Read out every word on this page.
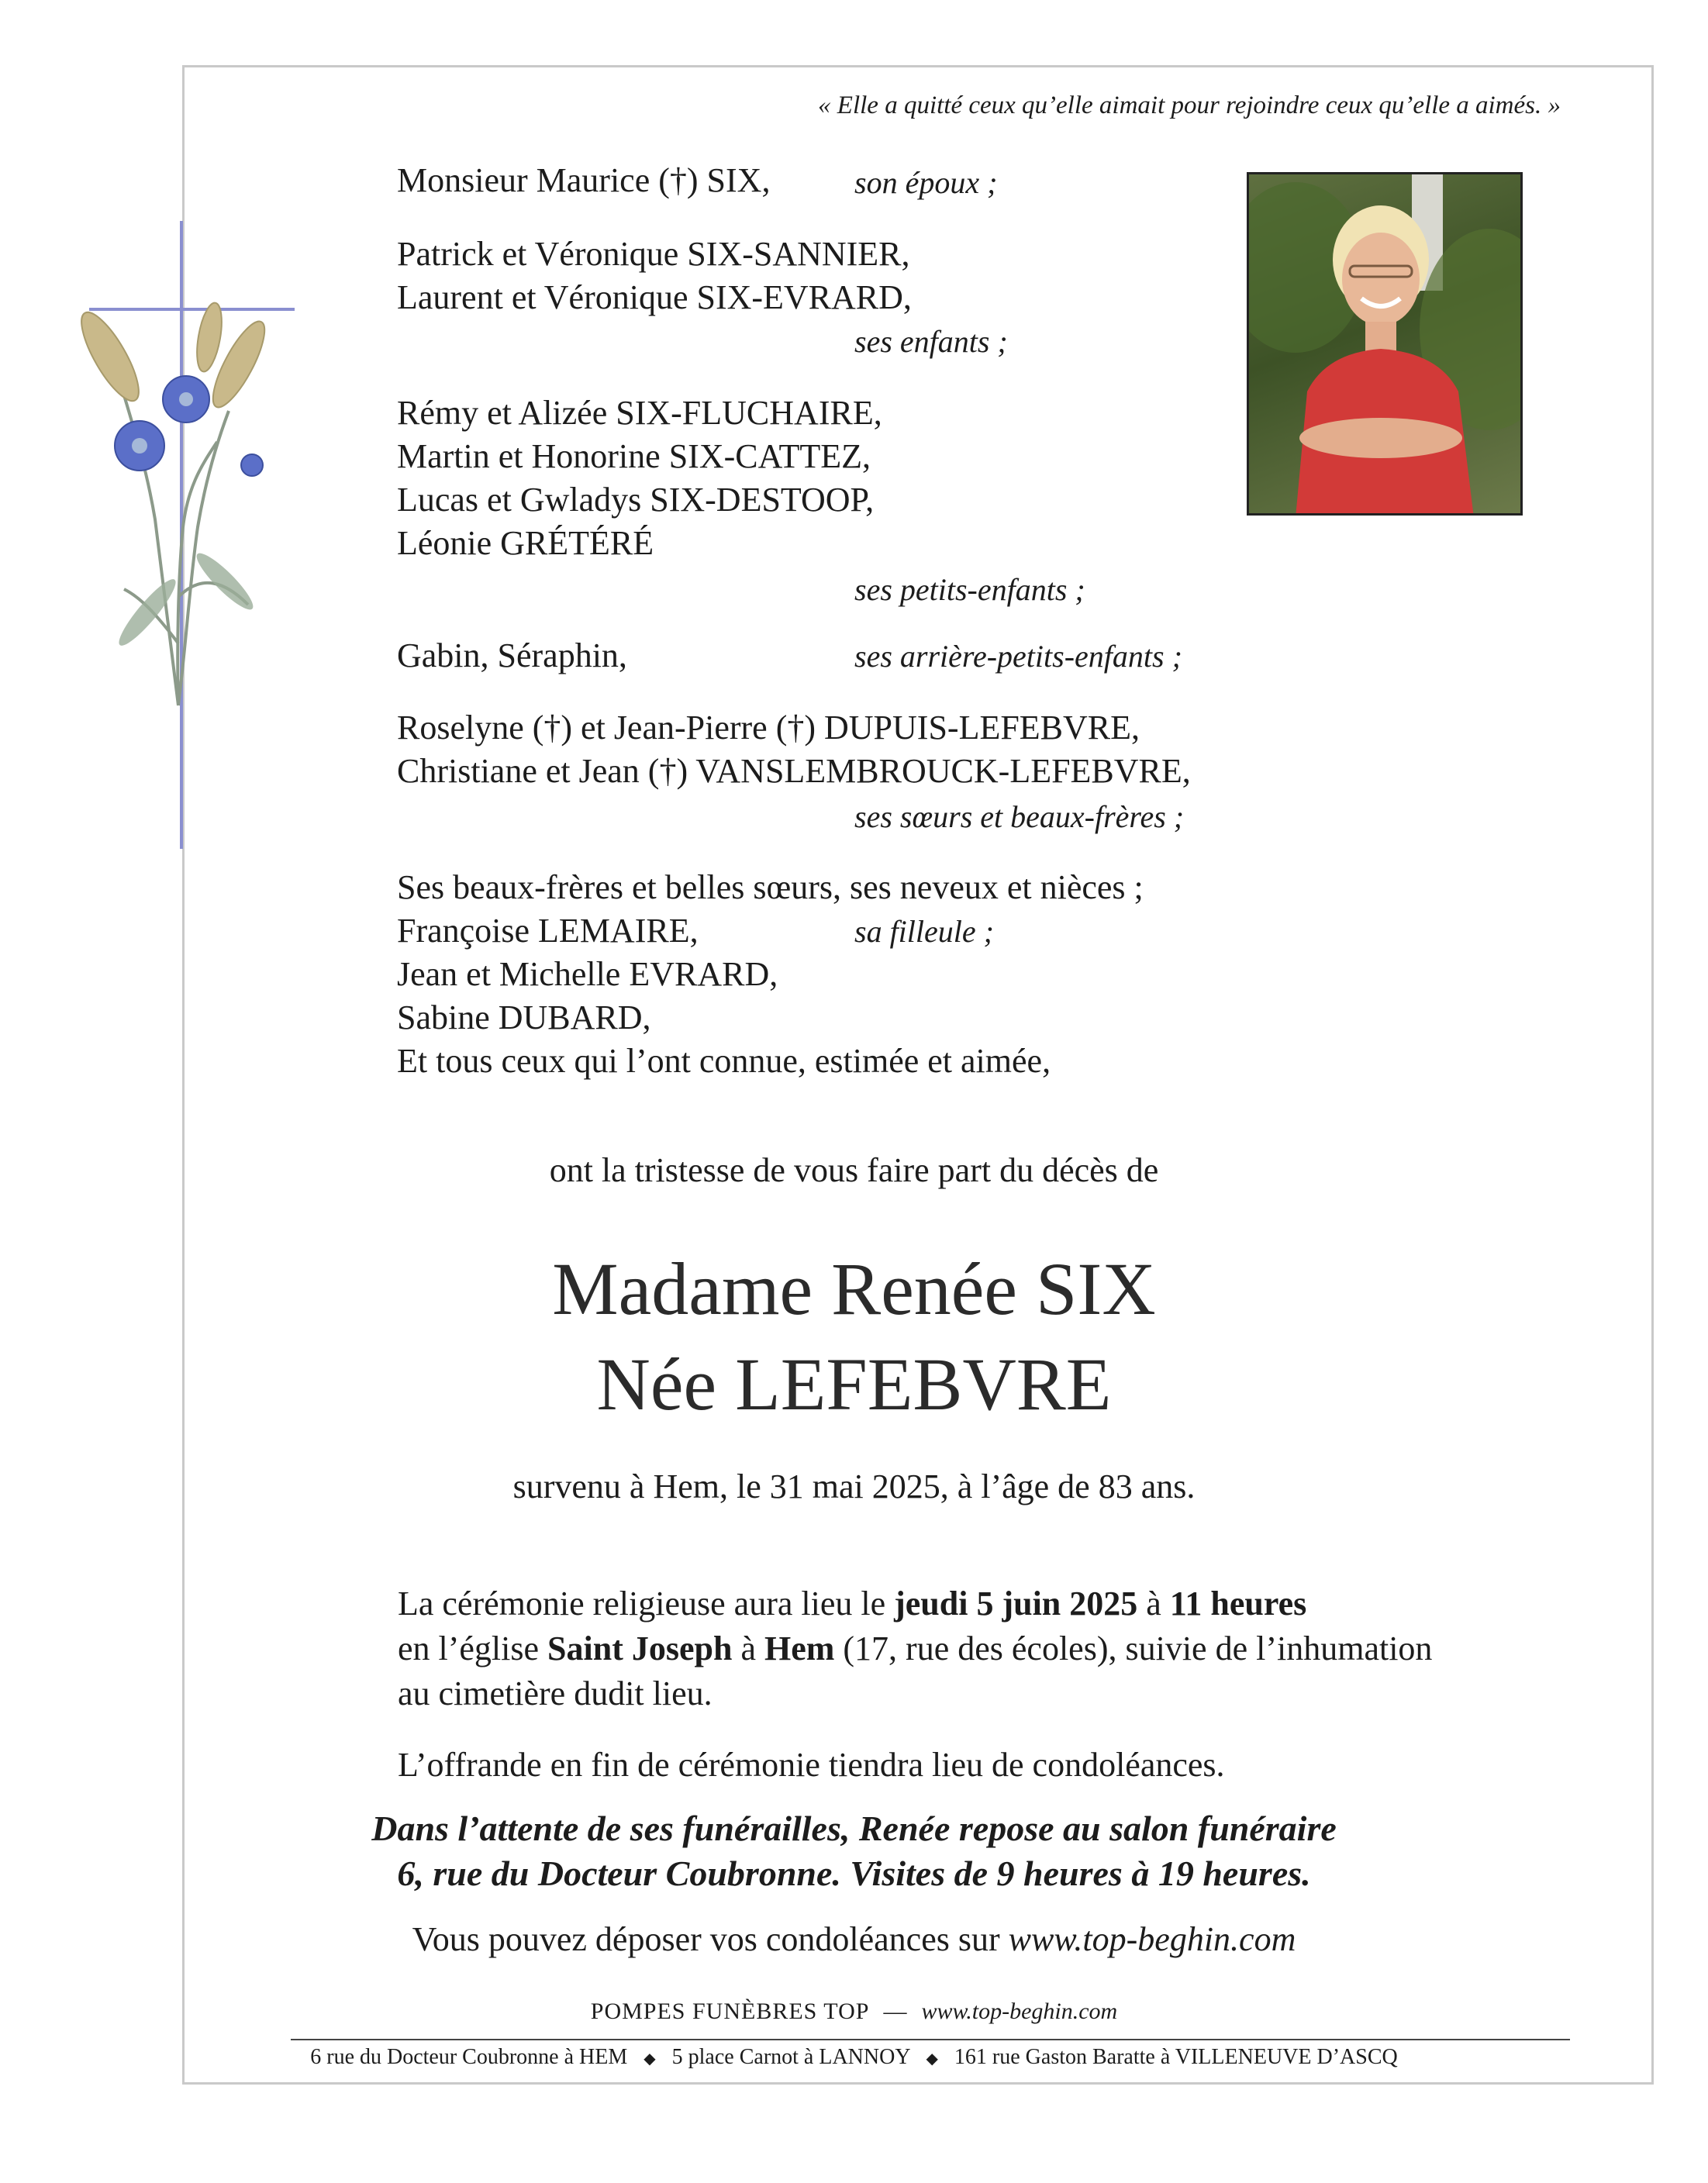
« Elle a quitté ceux qu’elle aimait pour rejoindre ceux qu’elle a aimés. »
Monsieur Maurice (†) SIX,	son époux ;
Patrick et Véronique SIX-SANNIER,
Laurent et Véronique SIX-EVRARD,
ses enfants ;
Rémy et Alizée SIX-FLUCHAIRE,
Martin et Honorine SIX-CATTEZ,
Lucas et Gwladys SIX-DESTOOP,
Léonie GRÉTÉRÉ
ses petits-enfants ;
Gabin, Séraphin,	ses arrière-petits-enfants ;
Roselyne (†) et Jean-Pierre (†) DUPUIS-LEFEBVRE,
Christiane et Jean (†) VANSLEMBROUCK-LEFEBVRE,
ses sœurs et beaux-frères ;
Ses beaux-frères et belles sœurs, ses neveux et nièces ;
Françoise LEMAIRE,	sa filleule ;
Jean et Michelle EVRARD,
Sabine DUBARD,
Et tous ceux qui l’ont connue, estimée et aimée,
ont la tristesse de vous faire part du décès de
Madame Renée SIX
Née LEFEBVRE
survenu à Hem, le 31 mai 2025, à l’âge de 83 ans.
La cérémonie religieuse aura lieu le jeudi 5 juin 2025 à 11 heures
en l’église Saint Joseph à Hem (17, rue des écoles), suivie de l’inhumation
au cimetière dudit lieu.
L’offrande en fin de cérémonie tiendra lieu de condoléances.
Dans l’attente de ses funérailles, Renée repose au salon funéraire
6, rue du Docteur Coubronne. Visites de 9 heures à 19 heures.
Vous pouvez déposer vos condoléances sur www.top-beghin.com
POMPES FUNÈBRES TOP — www.top-beghin.com
6 rue du Docteur Coubronne à HEM ◆ 5 place Carnot à LANNOY ◆ 161 rue Gaston Baratte à VILLENEUVE D’ASCQ
